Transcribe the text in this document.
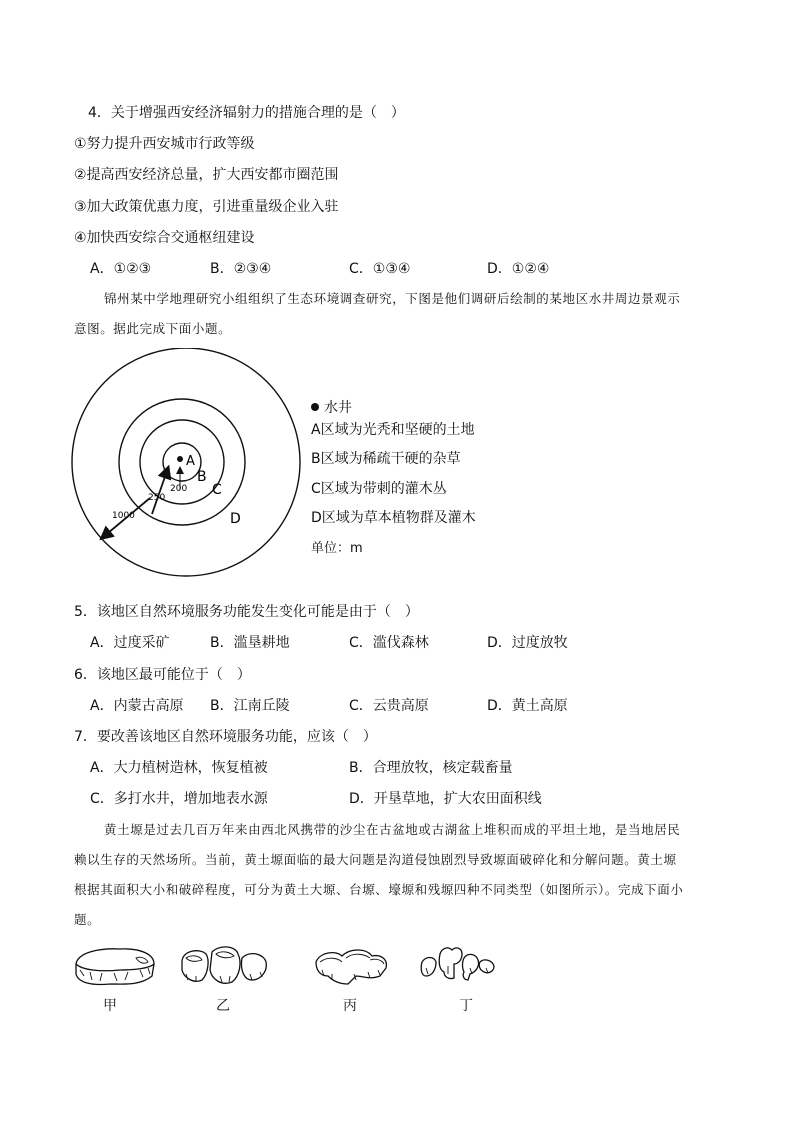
4．关于增强西安经济辐射力的措施合理的是（　）
①努力提升西安城市行政等级
②提高西安经济总量，扩大西安都市圈范围
③加大政策优惠力度，引进重量级企业入驻
④加快西安综合交通枢纽建设
A．①②③	B．②③④	C．①③④	D．①②④
锦州某中学地理研究小组组织了生态环境调查研究，下图是他们调研后绘制的某地区水井周边景观示
意图。据此完成下面小题。
A
B
C
D
200
250
1000
水井
A区域为光秃和坚硬的土地
B区域为稀疏干硬的杂草
C区域为带刺的灌木丛
D区域为草本植物群及灌木
单位：m
5．该地区自然环境服务功能发生变化可能是由于（　）
A．过度采矿	B．滥垦耕地	C．滥伐森林	D．过度放牧
6．该地区最可能位于（　）
A．内蒙古高原 B．江南丘陵	C．云贵高原	D．黄土高原
7．要改善该地区自然环境服务功能，应该（　）
A．大力植树造林，恢复植被	B．合理放牧，核定载畜量
C．多打水井，增加地表水源	D．开垦草地，扩大农田面积线
黄土塬是过去几百万年来由西北风携带的沙尘在古盆地或古湖盆上堆积而成的平坦土地，是当地居民
赖以生存的天然场所。当前，黄土塬面临的最大问题是沟道侵蚀剧烈导致塬面破碎化和分解问题。黄土塬
根据其面积大小和破碎程度，可分为黄土大塬、台塬、壕塬和残塬四种不同类型（如图所示）。完成下面小
题。
甲	乙	丙	丁
